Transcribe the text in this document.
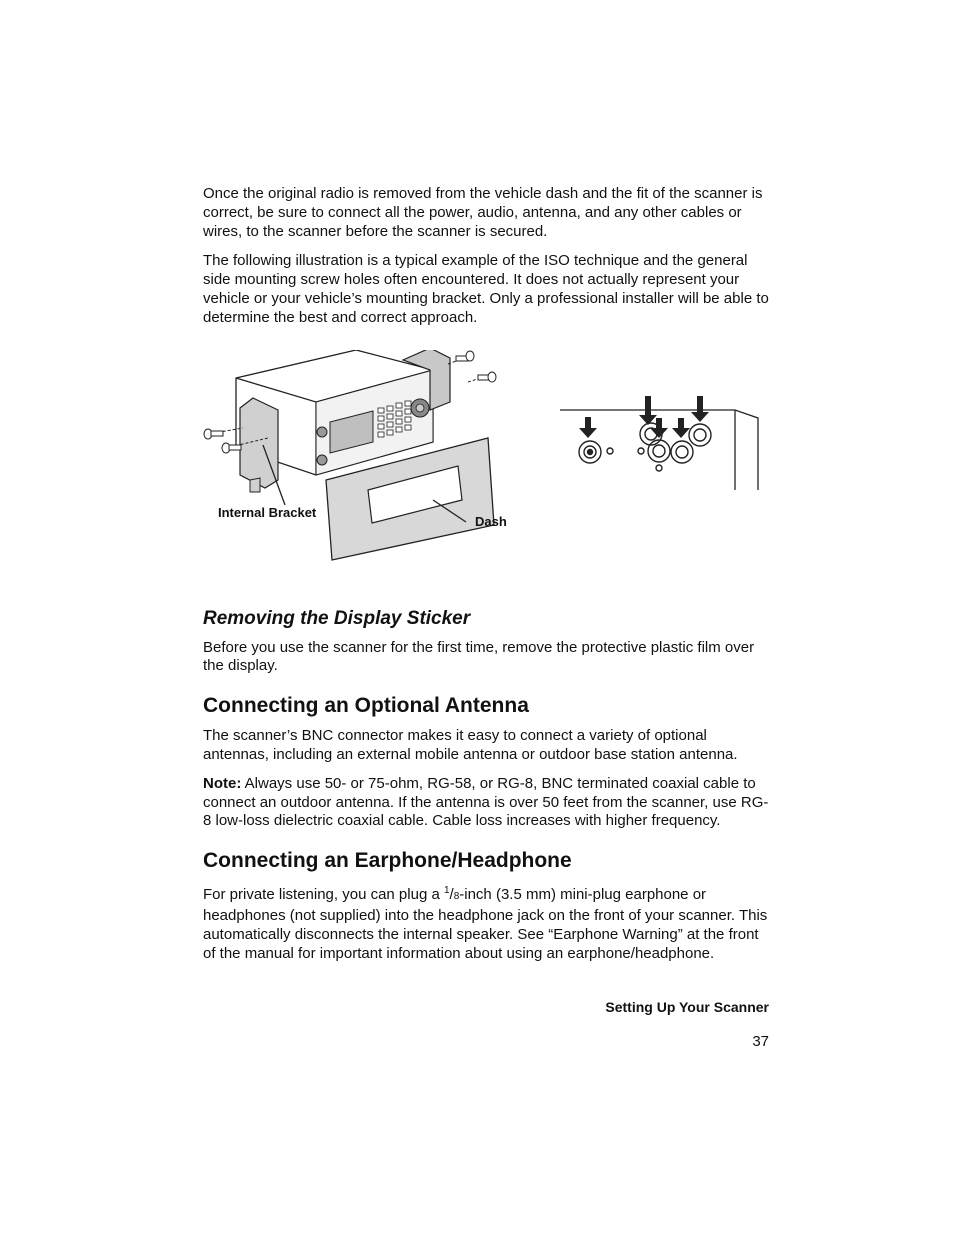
Once the original radio is removed from the vehicle dash and the fit of the scanner is correct, be sure to connect all the power, audio, antenna, and any other cables or wires, to the scanner before the scanner is secured.

The following illustration is a typical example of the ISO technique and the general side mounting screw holes often encountered. It does not actually represent your vehicle or your vehicle’s mounting bracket. Only a professional installer will be able to determine the best and correct approach.

Internal Bracket
Dash
Removing the Display Sticker

Before you use the scanner for the first time, remove the protective plastic film over the display.

Connecting an Optional Antenna

The scanner’s BNC connector makes it easy to connect a variety of optional antennas, including an external mobile antenna or outdoor base station antenna.

Note: Always use 50- or 75-ohm, RG-58, or RG-8, BNC terminated coaxial cable to connect an outdoor antenna. If the antenna is over 50 feet from the scanner, use RG-8 low-loss dielectric coaxial cable. Cable loss increases with higher frequency.

Connecting an Earphone/Headphone

For private listening, you can plug a $^1$/8-inch (3.5 mm) mini-plug earphone or headphones (not supplied) into the headphone jack on the front of your scanner. This automatically disconnects the internal speaker. See “Earphone Warning” at the front of the manual for important information about using an earphone/headphone.

Setting Up Your Scanner
37
